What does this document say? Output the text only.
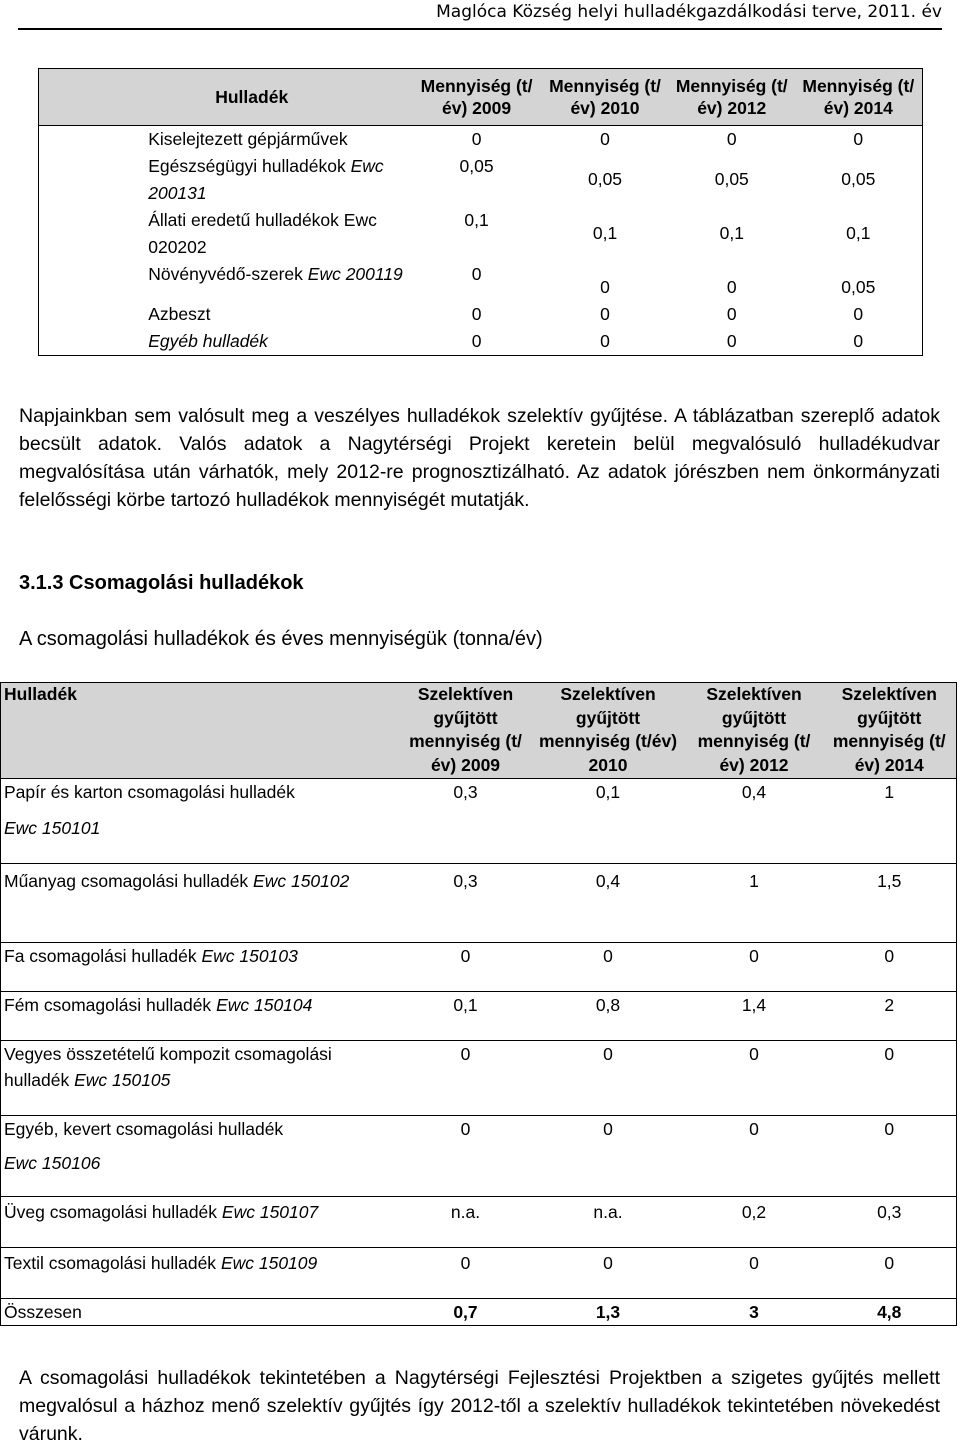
Maglóca Község helyi hulladékgazdálkodási terve, 2011. év
	Hulladék	Mennyiség (t/év) 2009	Mennyiség (t/év) 2010	Mennyiség (t/év) 2012	Mennyiség (t/év) 2014
	Kiselejtezett gépjárművek	0	0	0	0
	Egészségügyi hulladékok Ewc 200131	0,05	0,05	0,05	0,05

	Állati eredetű hulladékok Ewc 020202	0,1	0,1	0,1	0,1

	Növényvédő-szerek Ewc 200119	0	0	0	0,05

	Azbeszt	0	0	0	0
	Egyéb hulladék	0	0	0	0
Napjainkban sem valósult meg a veszélyes hulladékok szelektív gyűjtése. A táblázatban szereplő adatok becsült adatok. Valós adatok a Nagytérségi Projekt keretein belül megvalósuló hulladékudvar megvalósítása után várhatók, mely 2012-re prognosztizálható. Az adatok jórészben nem önkormányzati felelősségi körbe tartozó hulladékok mennyiségét mutatják.
3.1.3 Csomagolási hulladékok
A csomagolási hulladékok és éves mennyiségük (tonna/év)
Hulladék	Szelektíven gyűjtött mennyiség (t/év) 2009	Szelektíven gyűjtött mennyiség (t/év) 2010	Szelektíven gyűjtött mennyiség (t/év) 2012	Szelektíven gyűjtött mennyiség (t/év) 2014
Papír és karton csomagolási hulladék	0,3	0,1	0,4	1
Ewc 150101				
Műanyag csomagolási hulladék Ewc 150102	0,3	0,4	1	1,5
Fa csomagolási hulladék Ewc 150103	0	0	0	0
Fém csomagolási hulladék Ewc 150104	0,1	0,8	1,4	2
Vegyes összetételű kompozit csomagolási hulladék Ewc 150105	0	0	0	0
Egyéb, kevert csomagolási hulladék	0	0	0	0
Ewc 150106				
Üveg csomagolási hulladék Ewc 150107	n.a.	n.a.	0,2	0,3
Textil csomagolási hulladék Ewc 150109	0	0	0	0
Összesen	0,7	1,3	3	4,8
A csomagolási hulladékok tekintetében a Nagytérségi Fejlesztési Projektben a szigetes gyűjtés mellett megvalósul a házhoz menő szelektív gyűjtés így 2012-től a szelektív hulladékok tekintetében növekedést várunk.
